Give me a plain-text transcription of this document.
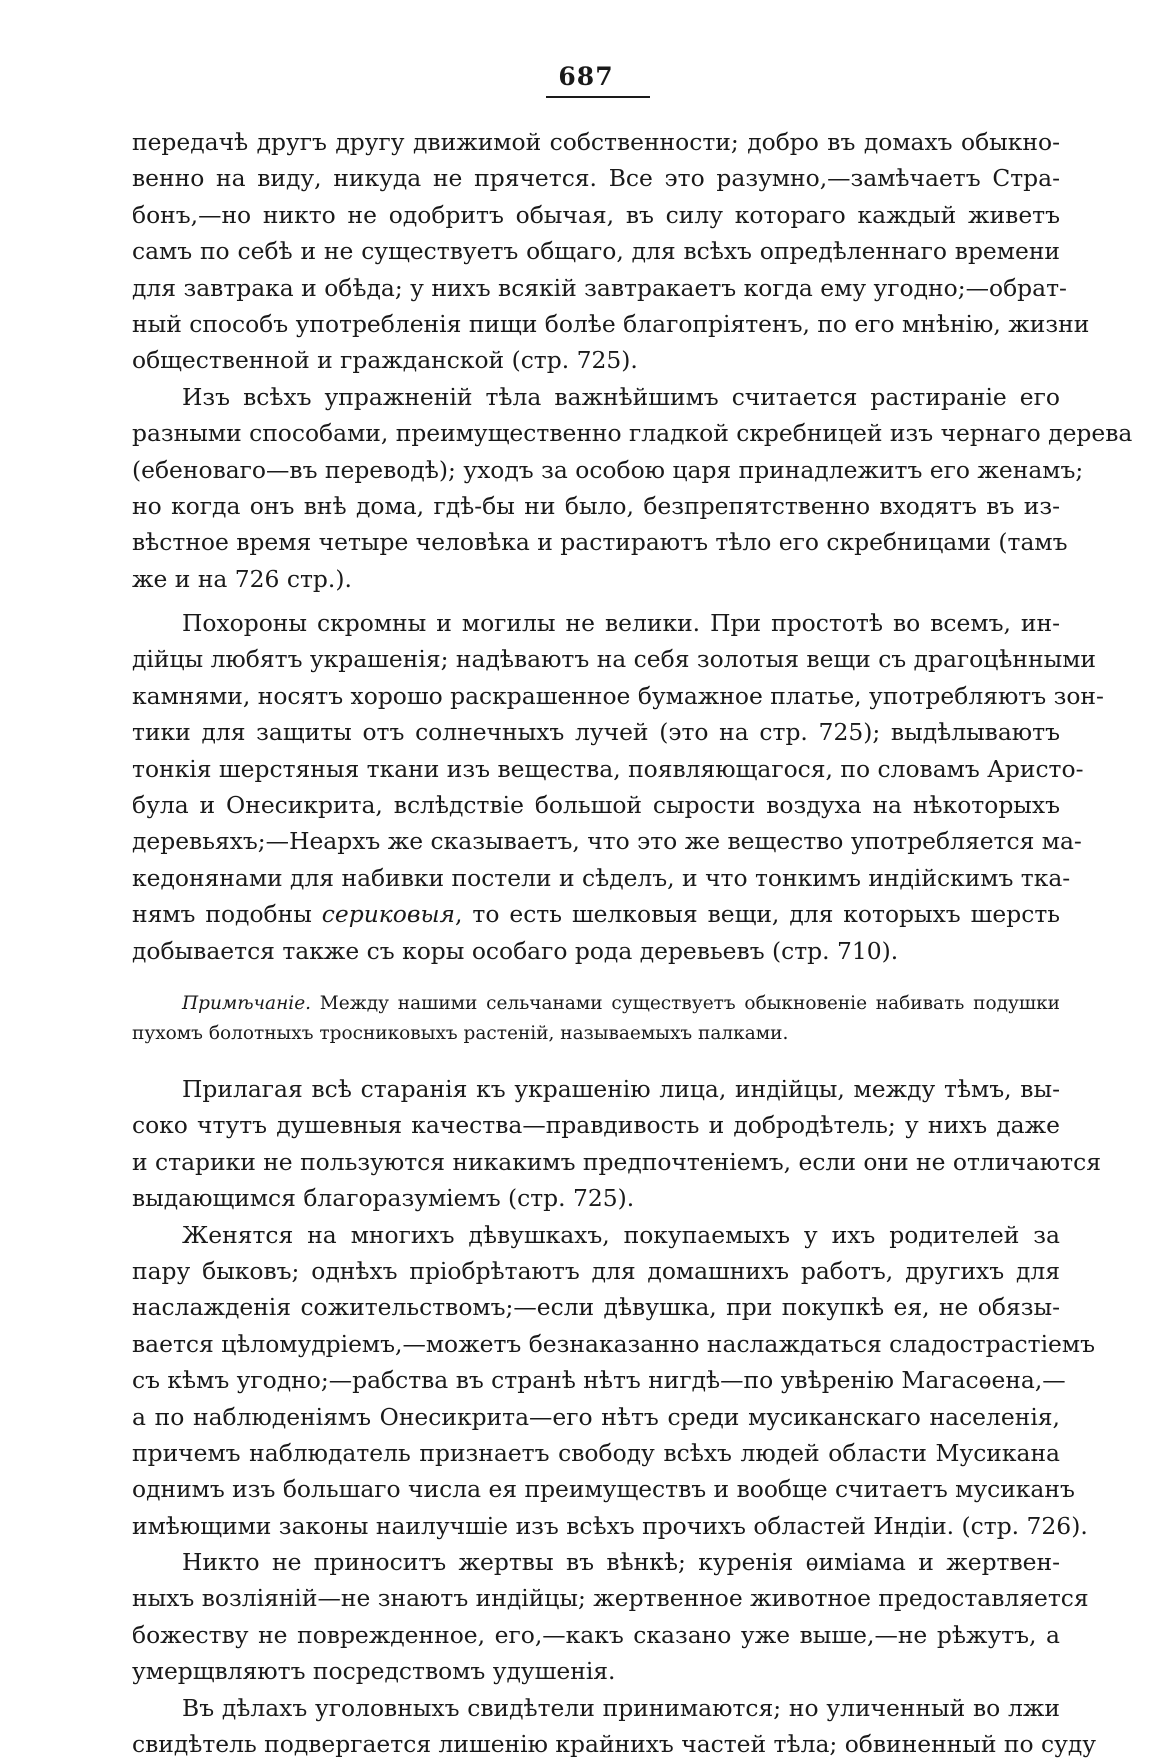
687
передачѣ другъ другу движимой собственности; добро въ домахъ обыкно-
венно на виду, никуда не прячется. Все это разумно,—замѣчаетъ Стра-
бонъ,—но никто не одобритъ обычая, въ силу котораго каждый живетъ
самъ по себѣ и не существуетъ общаго, для всѣхъ опредѣленнаго времени
для завтрака и обѣда; у нихъ всякій завтракаетъ когда ему угодно;—обрат-
ный способъ употребленія пищи болѣе благопріятенъ, по его мнѣнію, жизни
общественной и гражданской (стр. 725).
Изъ всѣхъ упражненій тѣла важнѣйшимъ считается растираніе его
разными способами, преимущественно гладкой скребницей изъ чернаго дерева
(ебеноваго—въ переводѣ); уходъ за особою царя принадлежитъ его женамъ;
но когда онъ внѣ дома, гдѣ-бы ни было, безпрепятственно входятъ въ из-
вѣстное время четыре человѣка и растираютъ тѣло его скребницами (тамъ
же и на 726 стр.).
Похороны скромны и могилы не велики. При простотѣ во всемъ, ин-
дійцы любятъ украшенія; надѣваютъ на себя золотыя вещи съ драгоцѣнными
камнями, носятъ хорошо раскрашенное бумажное платье, употребляютъ зон-
тики для защиты отъ солнечныхъ лучей (это на стр. 725); выдѣлываютъ
тонкія шерстяныя ткани изъ вещества, появляющагося, по словамъ Аристо-
була и Онесикрита, вслѣдствіе большой сырости воздуха на нѣкоторыхъ
деревьяхъ;—Неархъ же сказываетъ, что это же вещество употребляется ма-
кедонянами для набивки постели и сѣделъ, и что тонкимъ индійскимъ тка-
нямъ подобны сериковыя, то есть шелковыя вещи, для которыхъ шерсть
добывается также съ коры особаго рода деревьевъ (стр. 710).
Примѣчаніе. Между нашими сельчанами существуетъ обыкновеніе набивать подушки
пухомъ болотныхъ тросниковыхъ растеній, называемыхъ палками.
Прилагая всѣ старанія къ украшенію лица, индійцы, между тѣмъ, вы-
соко чтутъ душевныя качества—правдивость и добродѣтель; у нихъ даже
и старики не пользуются никакимъ предпочтеніемъ, если они не отличаются
выдающимся благоразуміемъ (стр. 725).
Женятся на многихъ дѣвушкахъ, покупаемыхъ у ихъ родителей за
пару быковъ; однѣхъ пріобрѣтаютъ для домашнихъ работъ, другихъ для
наслажденія сожительствомъ;—если дѣвушка, при покупкѣ ея, не обязы-
вается цѣломудріемъ,—можетъ безнаказанно наслаждаться сладострастіемъ
съ кѣмъ угодно;—рабства въ странѣ нѣтъ нигдѣ—по увѣренію Магасѳена,—
а по наблюденіямъ Онесикрита—его нѣтъ среди мусиканскаго населенія,
причемъ наблюдатель признаетъ свободу всѣхъ людей области Мусикана
однимъ изъ большаго числа ея преимуществъ и вообще считаетъ мусиканъ
имѣющими законы наилучшіе изъ всѣхъ прочихъ областей Индіи. (стр. 726).
Никто не приноситъ жертвы въ вѣнкѣ; куренія ѳиміама и жертвен-
ныхъ возліяній—не знаютъ индійцы; жертвенное животное предоставляется
божеству не поврежденное, его,—какъ сказано уже выше,—не рѣжутъ, а
умерщвляютъ посредствомъ удушенія.
Въ дѣлахъ уголовныхъ свидѣтели принимаются; но уличенный во лжи
свидѣтель подвергается лишенію крайнихъ частей тѣла; обвиненный по суду
